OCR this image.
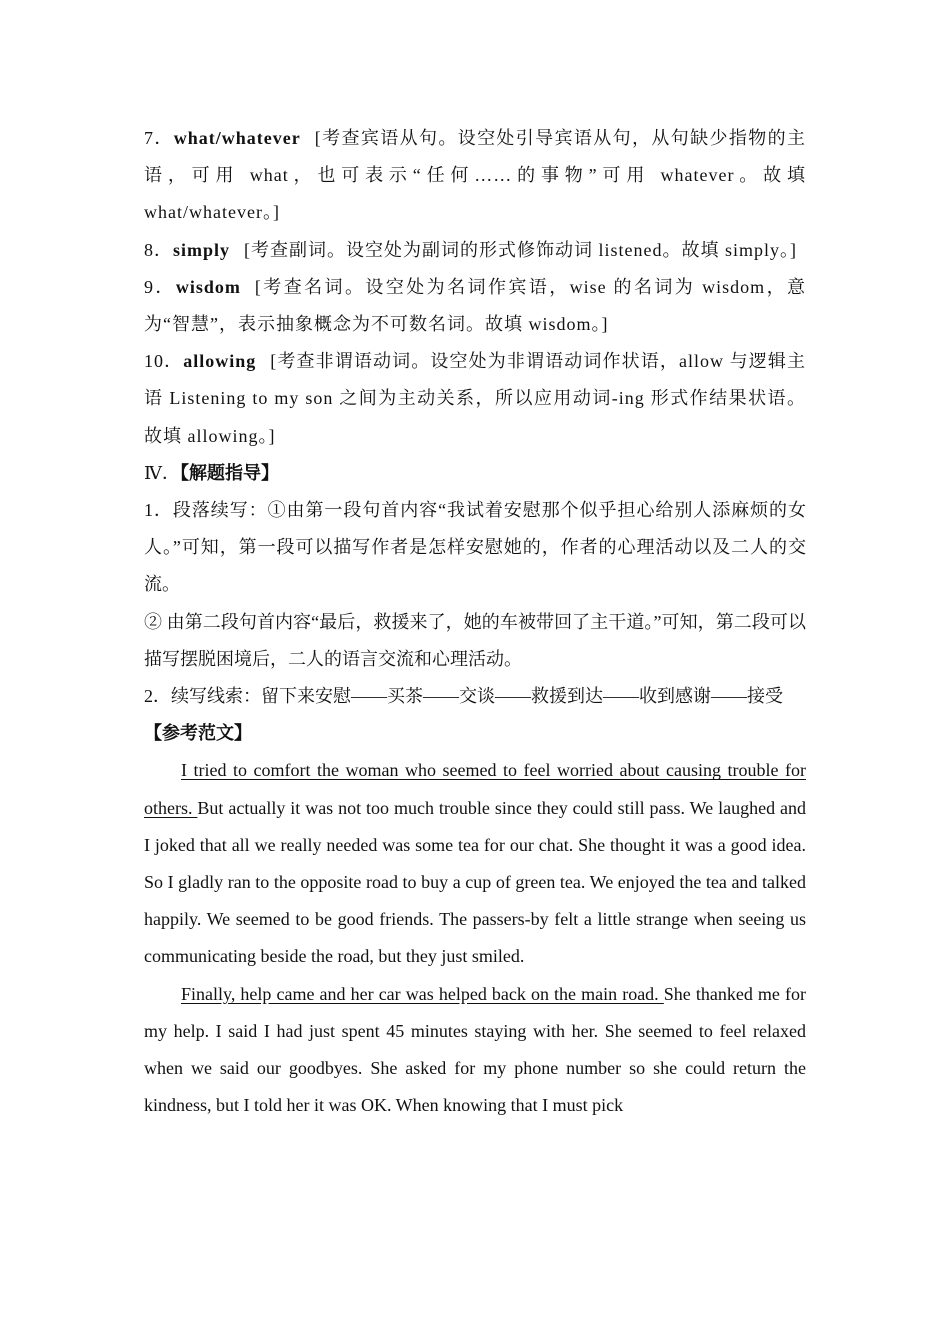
7．what/whatever [考查宾语从句。设空处引导宾语从句，从句缺少指物的主语，可用 what，也可表示“任何……的事物”可用 whatever。故填 what/whatever。]

8．simply [考查副词。设空处为副词的形式修饰动词 listened。故填 simply。]

9．wisdom [考查名词。设空处为名词作宾语，wise 的名词为 wisdom，意为“智慧”，表示抽象概念为不可数名词。故填 wisdom。]

10．allowing [考查非谓语动词。设空处为非谓语动词作状语，allow 与逻辑主语 Listening to my son 之间为主动关系，所以应用动词-ing 形式作结果状语。故填 allowing。]

Ⅳ．【解题指导】

1．段落续写：①由第一段句首内容“我试着安慰那个似乎担心给别人添麻烦的女人。”可知，第一段可以描写作者是怎样安慰她的，作者的心理活动以及二人的交流。

② 由第二段句首内容“最后，救援来了，她的车被带回了主干道。”可知，第二段可以描写摆脱困境后，二人的语言交流和心理活动。

2．续写线索：留下来安慰——买茶——交谈——救援到达——收到感谢——接受

【参考范文】

I tried to comfort the woman who seemed to feel worried about causing trouble for others. But actually it was not too much trouble since they could still pass. We laughed and I joked that all we really needed was some tea for our chat. She thought it was a good idea. So I gladly ran to the opposite road to buy a cup of green tea. We enjoyed the tea and talked happily. We seemed to be good friends. The passers-by felt a little strange when seeing us communicating beside the road, but they just smiled.

Finally, help came and her car was helped back on the main road. She thanked me for my help. I said I had just spent 45 minutes staying with her. She seemed to feel relaxed when we said our goodbyes. She asked for my phone number so she could return the kindness, but I told her it was OK. When knowing that I must pick
